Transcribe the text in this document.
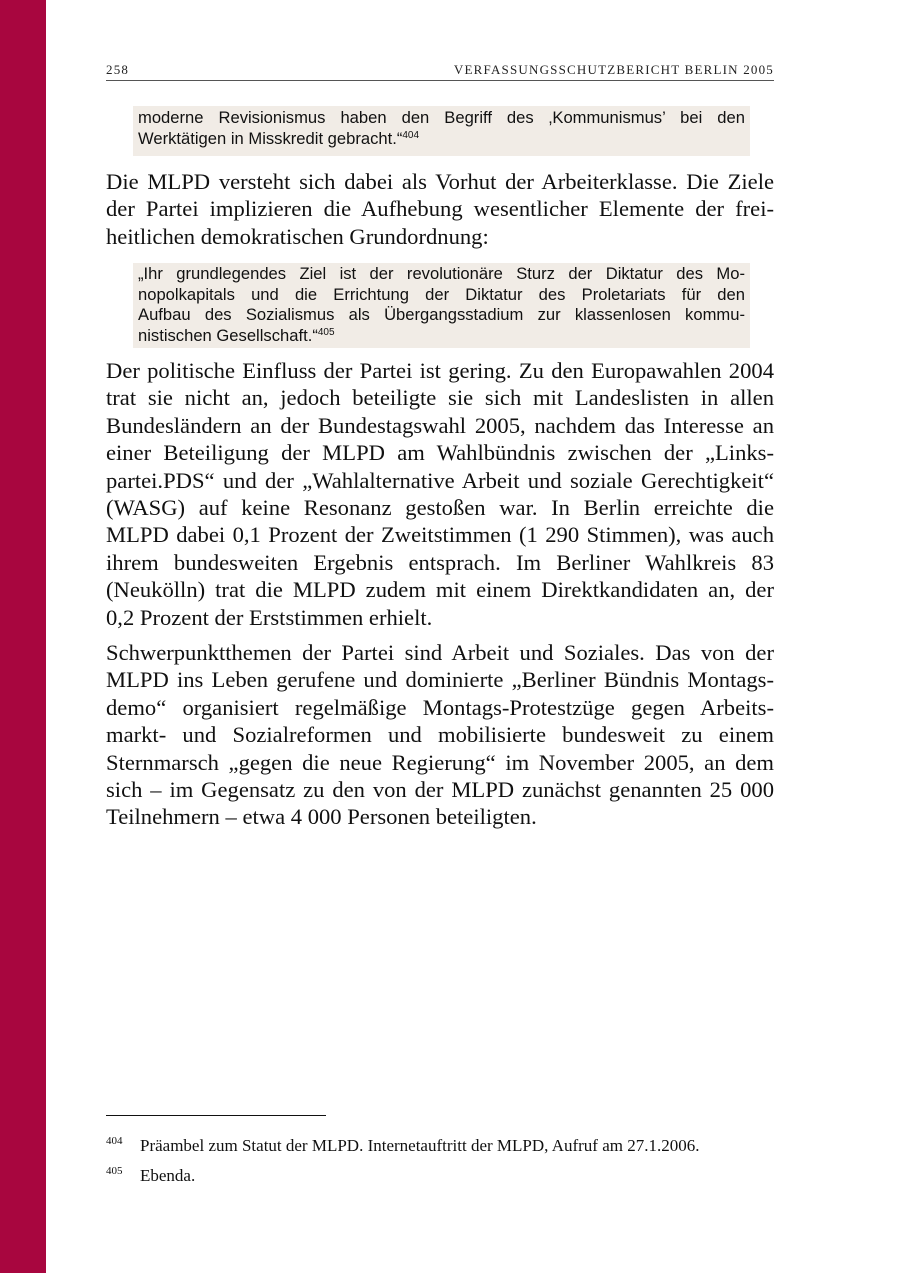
258	VERFASSUNGSSCHUTZBERICHT BERLIN 2005
moderne Revisionismus haben den Begriff des ‚Kommunismus’ bei den
Werktätigen in Misskredit gebracht.“$^{404}$
Die MLPD versteht sich dabei als Vorhut der Arbeiterklasse. Die Ziele
der Partei implizieren die Aufhebung wesentlicher Elemente der frei-
heitlichen demokratischen Grundordnung:
„Ihr grundlegendes Ziel ist der revolutionäre Sturz der Diktatur des Mo-
nopolkapitals und die Errichtung der Diktatur des Proletariats für den
Aufbau des Sozialismus als Übergangsstadium zur klassenlosen kommu-
nistischen Gesellschaft.“$^{405}$
Der politische Einfluss der Partei ist gering. Zu den Europawahlen 2004
trat sie nicht an, jedoch beteiligte sie sich mit Landeslisten in allen
Bundesländern an der Bundestagswahl 2005, nachdem das Interesse an
einer Beteiligung der MLPD am Wahlbündnis zwischen der „Links-
partei.PDS“ und der „Wahlalternative Arbeit und soziale Gerechtigkeit“
(WASG) auf keine Resonanz gestoßen war. In Berlin erreichte die
MLPD dabei 0,1 Prozent der Zweitstimmen (1 290 Stimmen), was auch
ihrem bundesweiten Ergebnis entsprach. Im Berliner Wahlkreis 83
(Neukölln) trat die MLPD zudem mit einem Direktkandidaten an, der
0,2 Prozent der Erststimmen erhielt.
Schwerpunktthemen der Partei sind Arbeit und Soziales. Das von der
MLPD ins Leben gerufene und dominierte „Berliner Bündnis Montags-
demo“ organisiert regelmäßige Montags-Protestzüge gegen Arbeits-
markt- und Sozialreformen und mobilisierte bundesweit zu einem
Sternmarsch „gegen die neue Regierung“ im November 2005, an dem
sich – im Gegensatz zu den von der MLPD zunächst genannten 25 000
Teilnehmern – etwa 4 000 Personen beteiligten.
404 Präambel zum Statut der MLPD. Internetauftritt der MLPD, Aufruf am 27.1.2006.
405 Ebenda.
